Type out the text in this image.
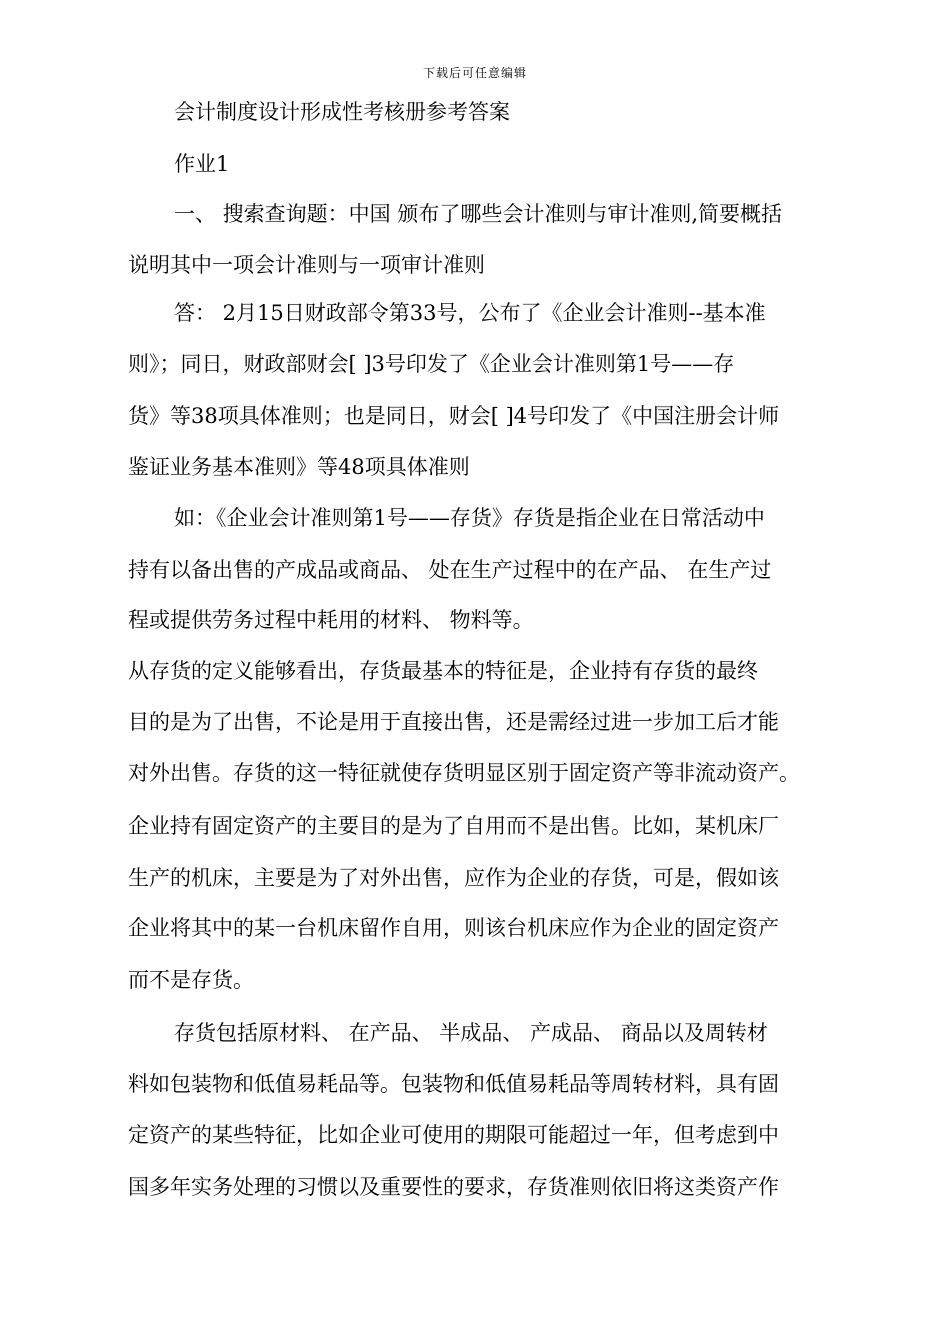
下载后可任意编辑
会计制度设计形成性考核册参考答案
作业1
一、 搜索查询题：中国 颁布了哪些会计准则与审计准则,简要概括
说明其中一项会计准则与一项审计准则
答： 2月15日财政部令第33号，公布了《企业会计准则--基本准
则》；同日，财政部财会[ ]3号印发了《企业会计准则第1号——存
货》等38项具体准则；也是同日，财会[ ]4号印发了《中国注册会计师
鉴证业务基本准则》等48项具体准则
如：《企业会计准则第1号——存货》存货是指企业在日常活动中
持有以备出售的产成品或商品、 处在生产过程中的在产品、 在生产过
程或提供劳务过程中耗用的材料、 物料等。
从存货的定义能够看出，存货最基本的特征是，企业持有存货的最终
目的是为了出售，不论是用于直接出售，还是需经过进一步加工后才能
对外出售。存货的这一特征就使存货明显区别于固定资产等非流动资产。
企业持有固定资产的主要目的是为了自用而不是出售。比如，某机床厂
生产的机床，主要是为了对外出售，应作为企业的存货，可是，假如该
企业将其中的某一台机床留作自用，则该台机床应作为企业的固定资产
而不是存货。
存货包括原材料、 在产品、 半成品、 产成品、 商品以及周转材
料如包装物和低值易耗品等。包装物和低值易耗品等周转材料，具有固
定资产的某些特征，比如企业可使用的期限可能超过一年，但考虑到中
国多年实务处理的习惯以及重要性的要求，存货准则依旧将这类资产作
